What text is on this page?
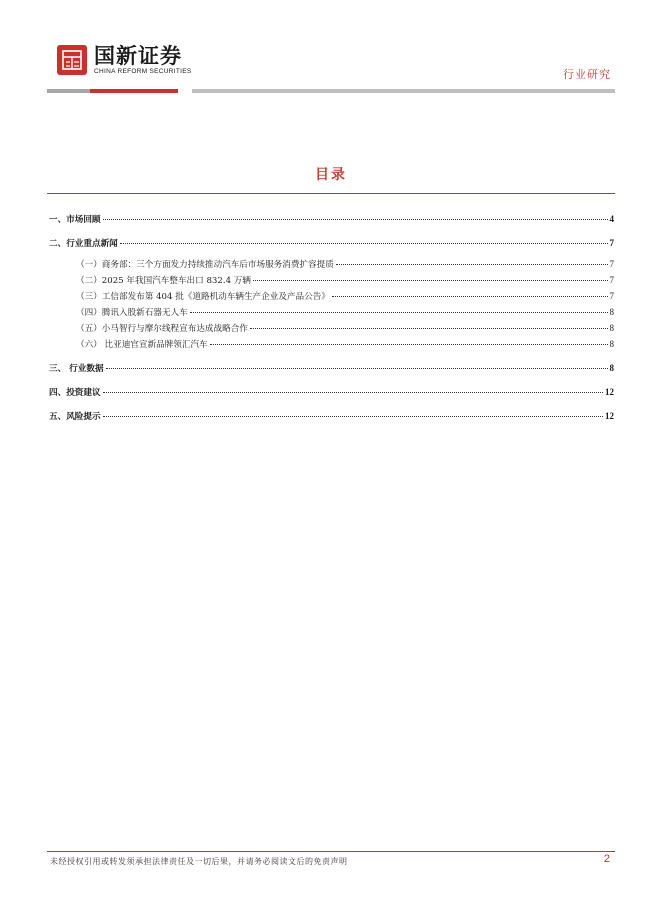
国新证券
CHINA REFORM SECURITIES	行业研究
目录
一、市场回顾	4
二、行业重点新闻	7
（一）商务部：三个方面发力持续推动汽车后市场服务消费扩容提质	7
（二）2025 年我国汽车整车出口 832.4 万辆	7
（三）工信部发布第 404 批《道路机动车辆生产企业及产品公告》	7
（四）腾讯入股新石器无人车	8
（五）小马智行与摩尔线程宣布达成战略合作	8
（六） 比亚迪官宣新品牌领汇汽车	8
三、 行业数据	8
四、投资建议	12
五、风险提示	12
未经授权引用或转发须承担法律责任及一切后果，并请务必阅读文后的免责声明	2
